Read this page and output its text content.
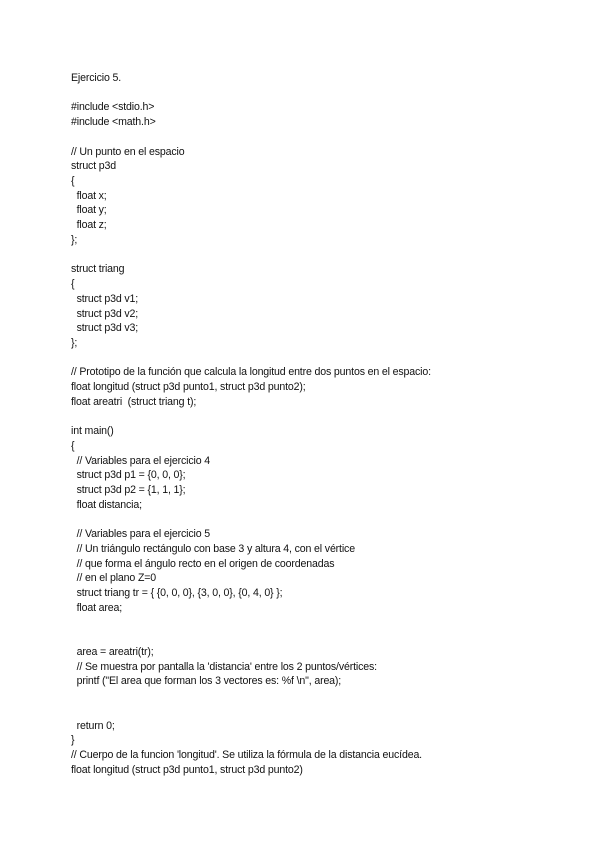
Ejercicio 5.
#include <stdio.h>
#include <math.h>
// Un punto en el espacio
struct p3d
{
float x;
float y;
float z;
};
struct triang
{
struct p3d v1;
struct p3d v2;
struct p3d v3;
};
// Prototipo de la función que calcula la longitud entre dos puntos en el espacio:
float longitud (struct p3d punto1, struct p3d punto2);
float areatri  (struct triang t);
int main()
{
// Variables para el ejercicio 4
struct p3d p1 = {0, 0, 0};
struct p3d p2 = {1, 1, 1};
float distancia;
// Variables para el ejercicio 5
// Un triángulo rectángulo con base 3 y altura 4, con el vértice
// que forma el ángulo recto en el origen de coordenadas
// en el plano Z=0
struct triang tr = { {0, 0, 0}, {3, 0, 0}, {0, 4, 0} };
float area;
area = areatri(tr);
// Se muestra por pantalla la 'distancia' entre los 2 puntos/vértices:
printf ("El area que forman los 3 vectores es: %f \n", area);
return 0;
}
// Cuerpo de la funcion 'longitud'. Se utiliza la fórmula de la distancia eucídea.
float longitud (struct p3d punto1, struct p3d punto2)
